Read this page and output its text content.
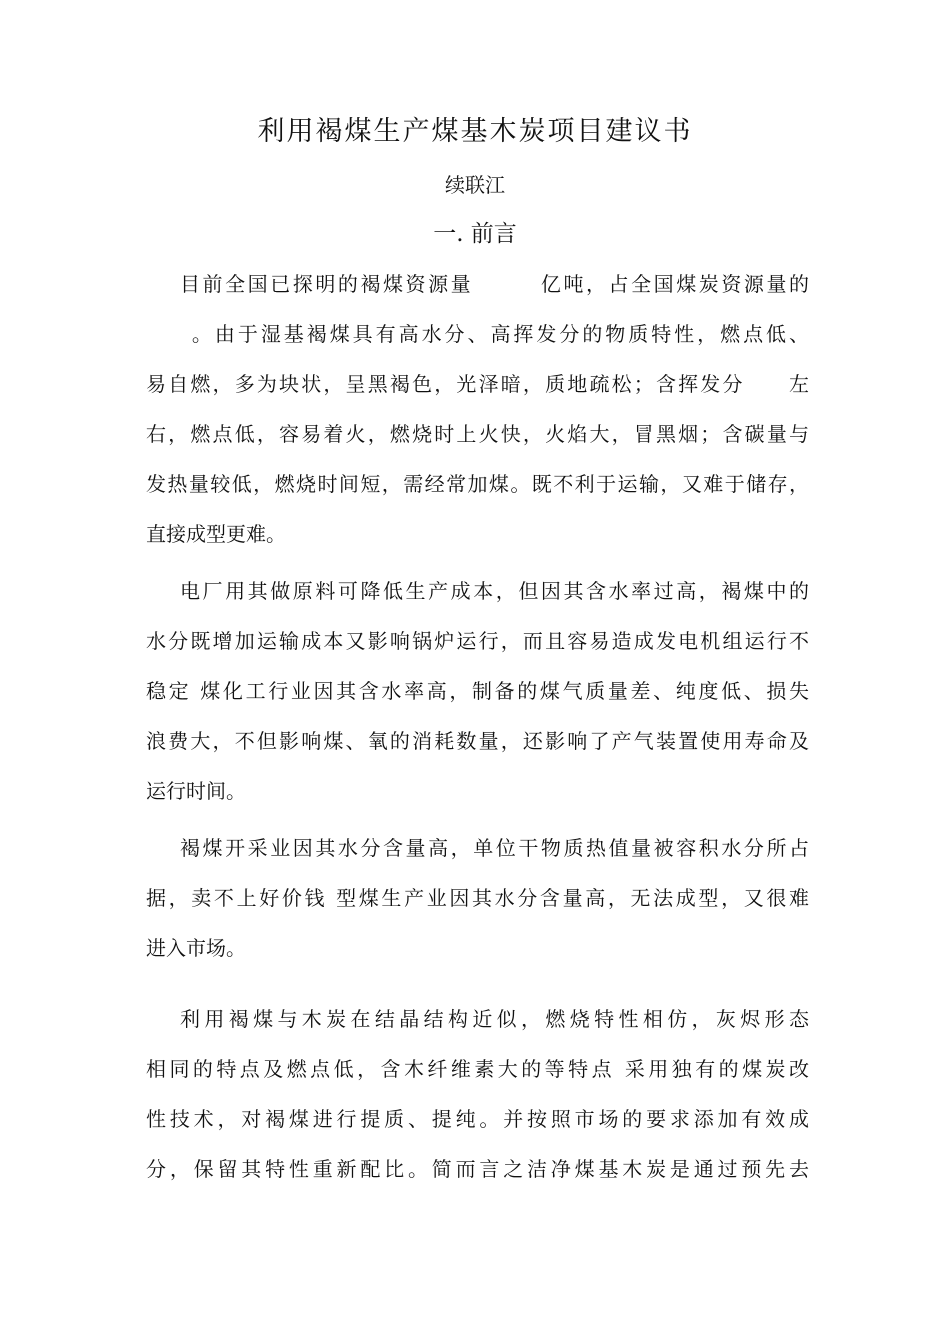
利用褐煤生产煤基木炭项目建议书
续联江
一. 前言
目前全国已探明的褐煤资源量　　　亿吨，占全国煤炭资源量的
　　。由于湿基褐煤具有高水分、高挥发分的物质特性，燃点低、
易自燃，多为块状，呈黑褐色，光泽暗，质地疏松；含挥发分　　左
右，燃点低，容易着火，燃烧时上火快，火焰大，冒黑烟；含碳量与
发热量较低，燃烧时间短，需经常加煤。既不利于运输，又难于储存，
直接成型更难。
电厂用其做原料可降低生产成本，但因其含水率过高，褐煤中的
水分既增加运输成本又影响锅炉运行，而且容易造成发电机组运行不
稳定 煤化工行业因其含水率高，制备的煤气质量差、纯度低、损失
浪费大，不但影响煤、氧的消耗数量，还影响了产气装置使用寿命及
运行时间。
褐煤开采业因其水分含量高，单位干物质热值量被容积水分所占
据，卖不上好价钱 型煤生产业因其水分含量高，无法成型，又很难
进入市场。
利用褐煤与木炭在结晶结构近似，燃烧特性相仿，灰烬形态
相同的特点及燃点低，含木纤维素大的等特点 采用独有的煤炭改
性技术，对褐煤进行提质、提纯。并按照市场的要求添加有效成
分，保留其特性重新配比。简而言之洁净煤基木炭是通过预先去
